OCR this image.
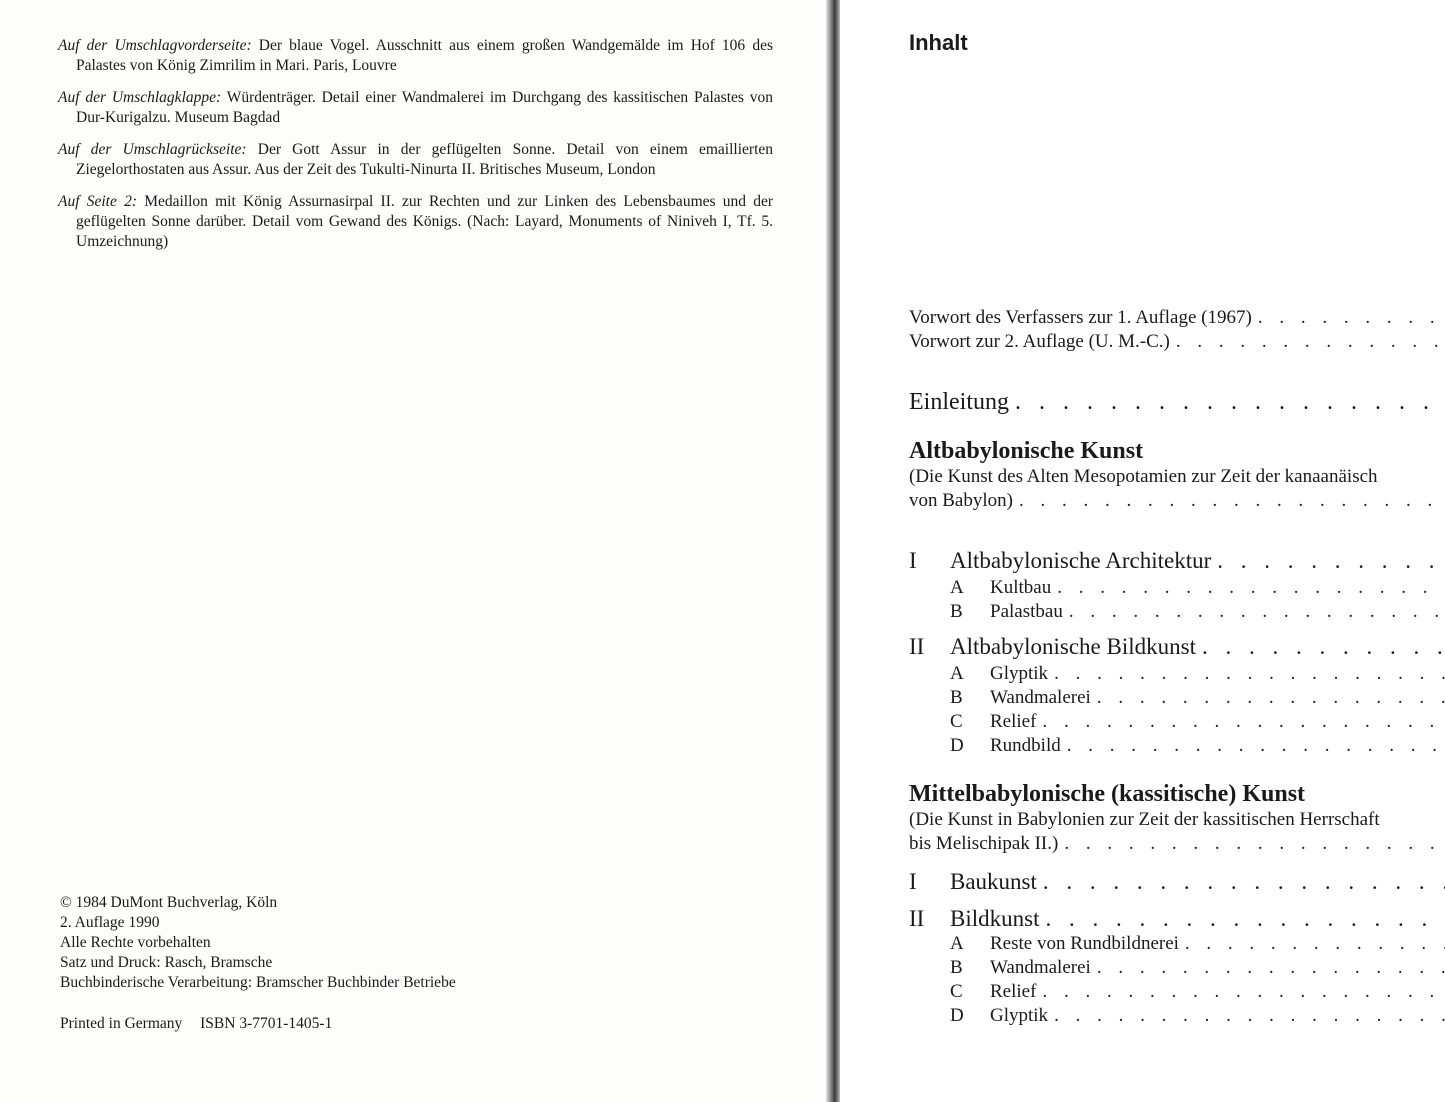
Auf der Umschlagvorderseite: Der blaue Vogel. Ausschnitt aus einem großen Wandgemälde im Hof 106 des Palastes von König Zimrilim in Mari. Paris, Louvre

Auf der Umschlagklappe: Würdenträger. Detail einer Wandmalerei im Durchgang des kassitischen Palastes von Dur-Kurigalzu. Museum Bagdad

Auf der Umschlagrückseite: Der Gott Assur in der geflügelten Sonne. Detail von einem emaillierten Ziegelorthostaten aus Assur. Aus der Zeit des Tukulti-Ninurta II. Britisches Museum, London

Auf Seite 2: Medaillon mit König Assurnasirpal II. zur Rechten und zur Linken des Lebensbaumes und der geflügelten Sonne darüber. Detail vom Gewand des Königs. (Nach: Layard, Monuments of Niniveh I, Tf. 5. Umzeichnung)

© 1984 DuMont Buchverlag, Köln
2. Auflage 1990
Alle Rechte vorbehalten
Satz und Druck: Rasch, Bramsche
Buchbinderische Verarbeitung: Bramscher Buchbinder Betriebe
Printed in Germany ISBN 3-7701-1405-1
Inhalt
Vorwort des Verfassers zur 1. Auflage (1967)
. . .
Vorwort zur 2. Auflage (U. M.-C.)
. . .
Einleitung
. . .
Altbabylonische Kunst
(Die Kunst des Alten Mesopotamien zur Zeit der kanaanäisch
von Babylon)
. . .
I Altbabylonische Architektur
. . .
A Kultbau
. . .
B Palastbau
. . .
II Altbabylonische Bildkunst
. . .
A Glyptik
. . .
B Wandmalerei
. . .
C Relief
. . .
D Rundbild
. . .
Mittelbabylonische (kassitische) Kunst
(Die Kunst in Babylonien zur Zeit der kassitischen Herrschaft
bis Melischipak II.)
. . .
I Baukunst
. . .
II Bildkunst
. . .
A Reste von Rundbildnerei
. . .
B Wandmalerei
. . .
C Relief
. . .
D Glyptik
. . .
